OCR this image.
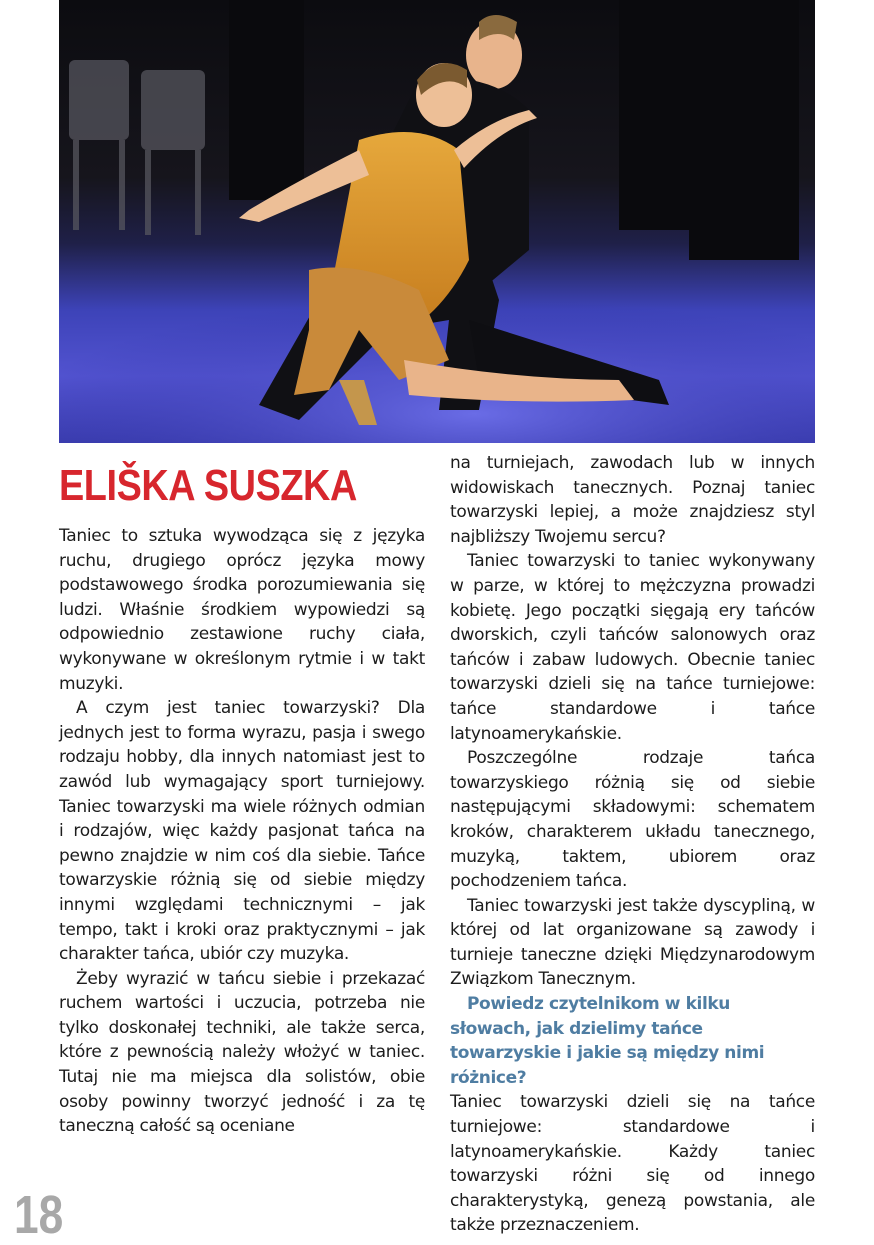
ELIŠKA SUSZKA

Taniec to sztuka wywodząca się z języka ruchu, drugiego oprócz języka mowy podstawowego środka porozumiewania się ludzi. Właśnie środkiem wypowiedzi są odpowiednio zestawione ruchy ciała, wykonywane w określonym rytmie i w takt muzyki.

A czym jest taniec towarzyski? Dla jednych jest to forma wyrazu, pasja i swego rodzaju hobby, dla innych natomiast jest to zawód lub wymagający sport turniejowy. Taniec towarzyski ma wiele różnych odmian i rodzajów, więc każdy pasjonat tańca na pewno znajdzie w nim coś dla siebie. Tańce towarzyskie różnią się od siebie między innymi względami technicznymi – jak tempo, takt i kroki oraz praktycznymi – jak charakter tańca, ubiór czy muzyka.

Żeby wyrazić w tańcu siebie i przekazać ruchem wartości i uczucia, potrzeba nie tylko doskonałej techniki, ale także serca, które z pewnością należy włożyć w taniec. Tutaj nie ma miejsca dla solistów, obie osoby powinny tworzyć jedność i za tę taneczną całość są oceniane

na turniejach, zawodach lub w innych widowiskach tanecznych. Poznaj taniec towarzyski lepiej, a może znajdziesz styl najbliższy Twojemu sercu?

Taniec towarzyski to taniec wykonywany w parze, w której to mężczyzna prowadzi kobietę. Jego początki sięgają ery tańców dworskich, czyli tańców salonowych oraz tańców i zabaw ludowych. Obecnie taniec towarzyski dzieli się na tańce turniejowe: tańce standardowe i tańce latynoamerykańskie.

Poszczególne rodzaje tańca towarzyskiego różnią się od siebie następującymi składowymi: schematem kroków, charakterem układu tanecznego, muzyką, taktem, ubiorem oraz pochodzeniem tańca.

Taniec towarzyski jest także dyscypliną, w której od lat organizowane są zawody i turnieje taneczne dzięki Międzynarodowym Związkom Tanecznym.

Powiedz czytelnikom w kilku słowach, jak dzielimy tańce towarzyskie i jakie są między nimi różnice?

Taniec towarzyski dzieli się na tańce turniejowe: standardowe i latynoamerykańskie. Każdy taniec towarzyski różni się od innego charakterystyką, genezą powstania, ale także przeznaczeniem.

18
